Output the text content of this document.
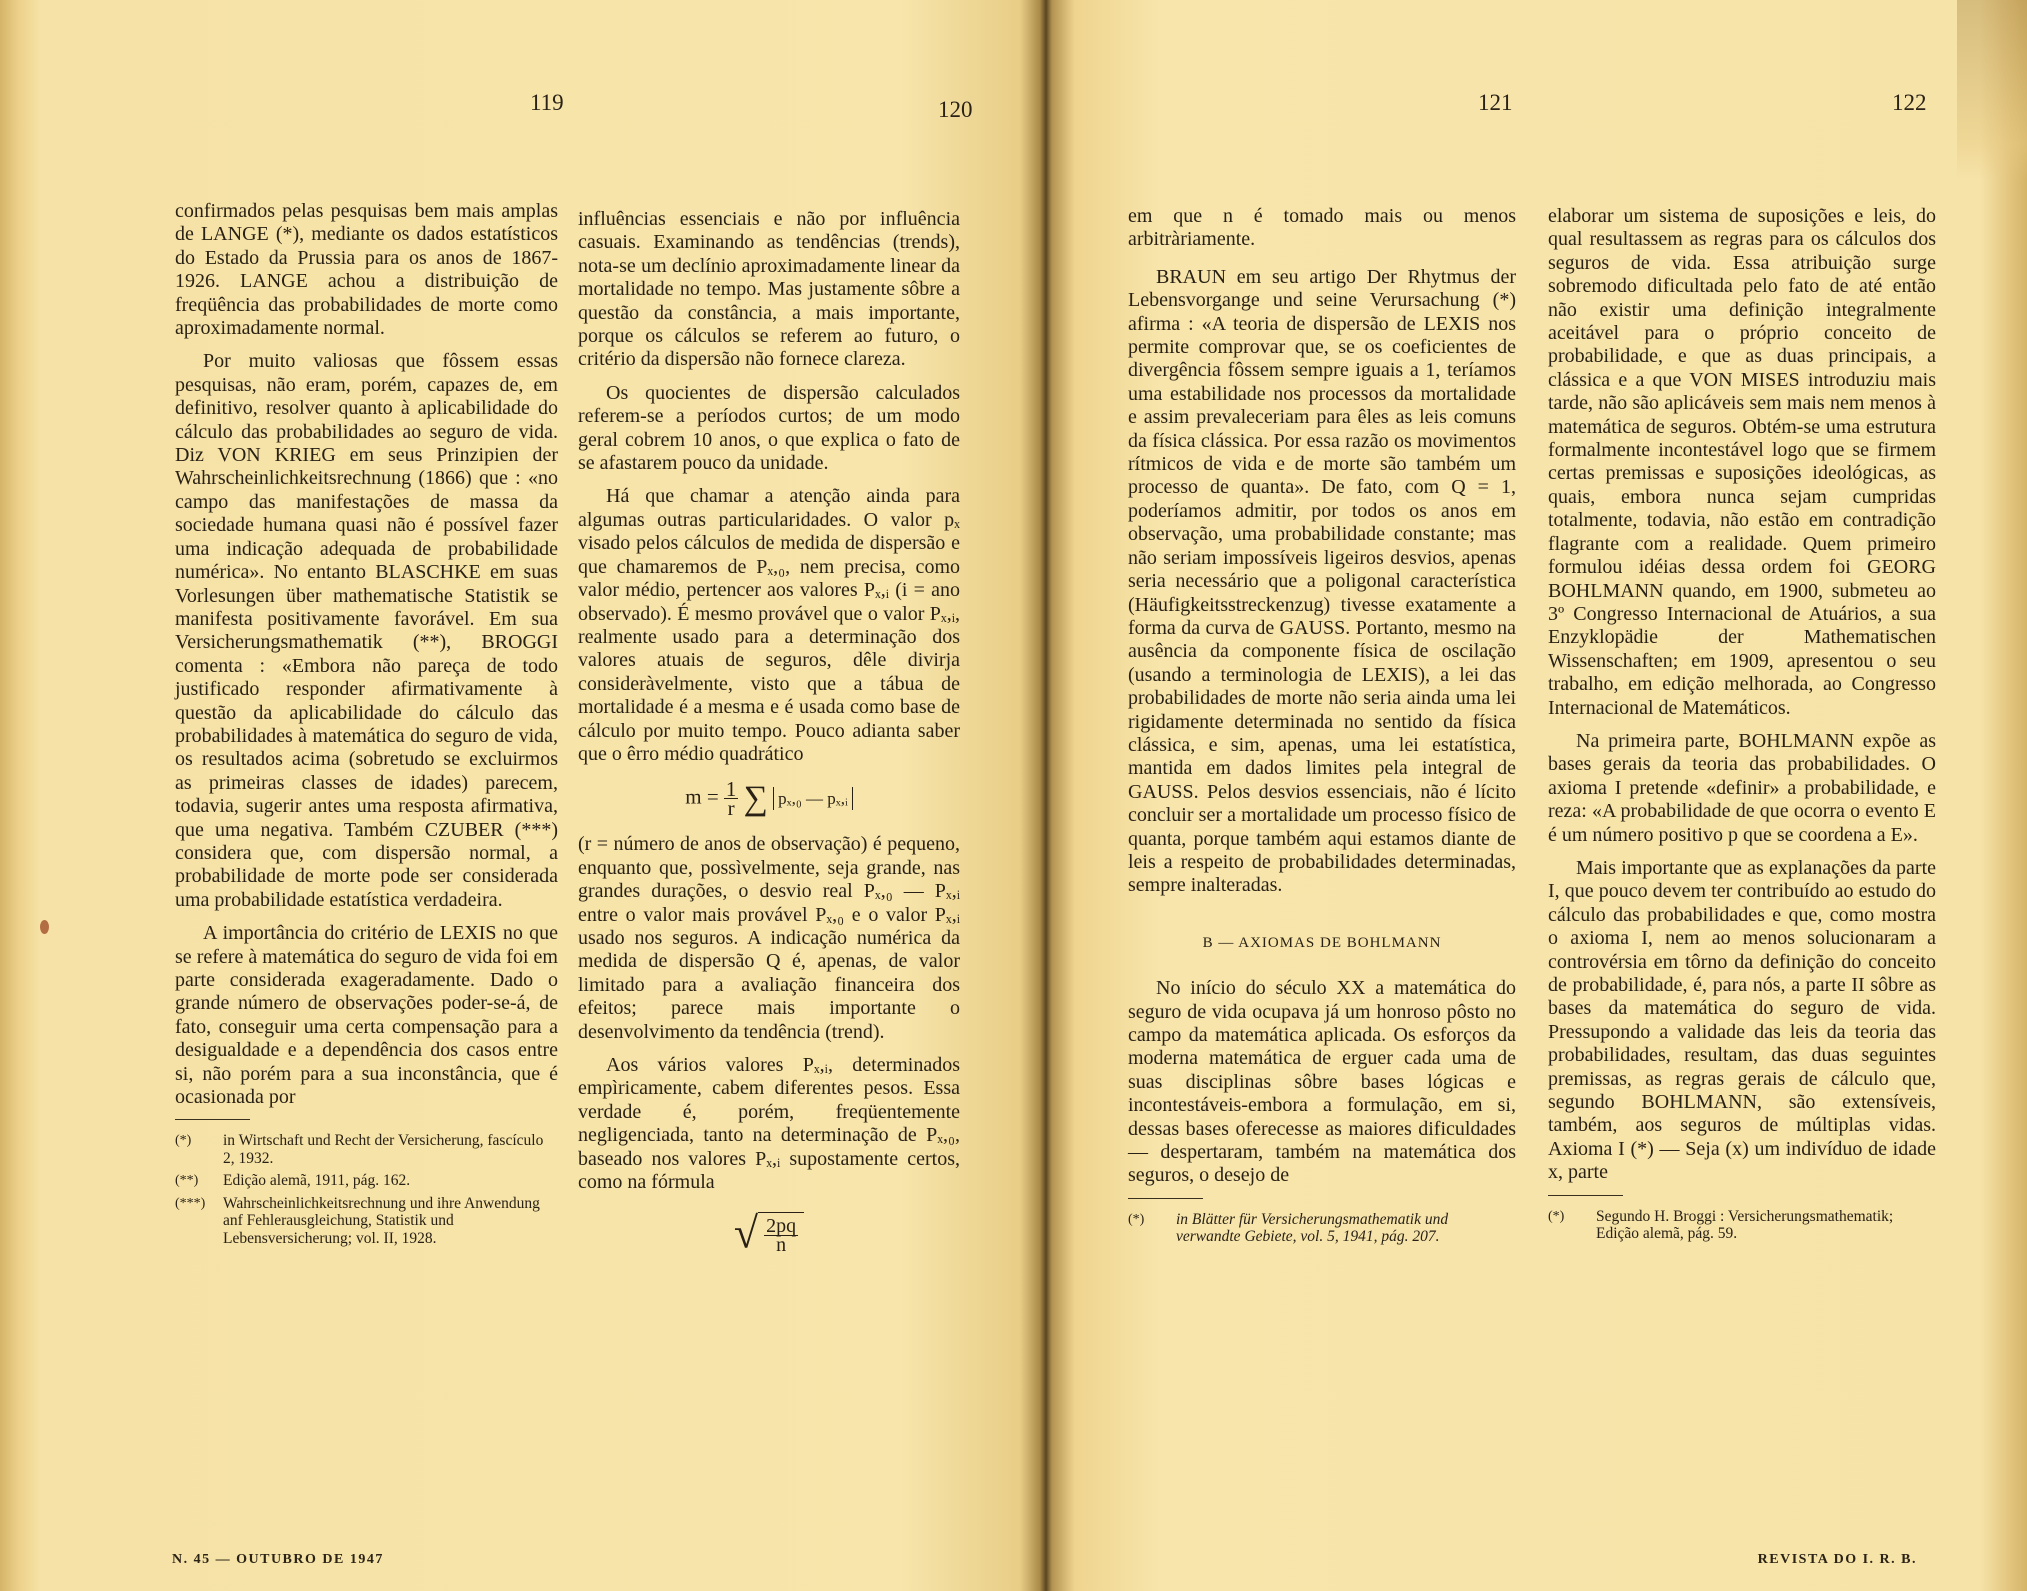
119	120	121	122

confirmados pelas pesquisas bem mais amplas de LANGE (*), mediante os dados estatísticos do Estado da Prussia para os anos de 1867-1926. LANGE achou a distribuição de freqüência das probabilidades de morte como aproximadamente normal.

Por muito valiosas que fôssem essas pesquisas, não eram, porém, capazes de, em definitivo, resolver quanto à aplicabilidade do cálculo das probabilidades ao seguro de vida. Diz VON KRIEG em seus Prinzipien der Wahrscheinlichkeitsrechnung (1866) que : «no campo das manifestações de massa da sociedade humana quasi não é possível fazer uma indicação adequada de probabilidade numérica». No entanto BLASCHKE em suas Vorlesungen über mathematische Statistik se manifesta positivamente favorável. Em sua Versicherungsmathematik (**), BROGGI comenta : «Embora não pareça de todo justificado responder afirmativamente à questão da aplicabilidade do cálculo das probabilidades à matemática do seguro de vida, os resultados acima (sobretudo se excluirmos as primeiras classes de idades) parecem, todavia, sugerir antes uma resposta afirmativa, que uma negativa. Também CZUBER (***) considera que, com dispersão normal, a probabilidade de morte pode ser considerada uma probabilidade estatística verdadeira.

A importância do critério de LEXIS no que se refere à matemática do seguro de vida foi em parte considerada exageradamente. Dado o grande número de observações poder-se-á, de fato, conseguir uma certa compensação para a desigualdade e a dependência dos casos entre si, não porém para a sua inconstância, que é ocasionada por

(*) in Wirtschaft und Recht der Versicherung, fascículo 2, 1932.
(**) Edição alemã, 1911, pág. 162.
(***) Wahrscheinlichkeitsrechnung und ihre Anwendung anf Fehlerausgleichung, Statistik und Lebensversicherung; vol. II, 1928.

influências essenciais e não por influência casuais. Examinando as tendências (trends), nota-se um declínio aproximadamente linear da mortalidade no tempo. Mas justamente sôbre a questão da constância, a mais importante, porque os cálculos se referem ao futuro, o critério da dispersão não fornece clareza.

Os quocientes de dispersão calculados referem-se a períodos curtos; de um modo geral cobrem 10 anos, o que explica o fato de se afastarem pouco da unidade.

Há que chamar a atenção ainda para algumas outras particularidades. O valor pₓ visado pelos cálculos de medida de dispersão e que chamaremos de Pₓ,₀, nem precisa, como valor médio, pertencer aos valores Pₓ,ᵢ (i = ano observado). É mesmo provável que o valor Pₓ,ᵢ, realmente usado para a determinação dos valores atuais de seguros, dêle divirja consideràvelmente, visto que a tábua de mortalidade é a mesma e é usada como base de cálculo por muito tempo. Pouco adianta saber que o êrro médio quadrático

$m = \frac{1}{r}$ ∑ pₓ,₀ — pₓ,ᵢ

(r = número de anos de observação) é pequeno, enquanto que, possìvelmente, seja grande, nas grandes durações, o desvio real Pₓ,₀ — Pₓ,ᵢ entre o valor mais provável Pₓ,₀ e o valor Pₓ,ᵢ usado nos seguros. A indicação numérica da medida de dispersão Q é, apenas, de valor limitado para a avaliação financeira dos efeitos; parece mais importante o desenvolvimento da tendência (trend).

Aos vários valores Pₓ,ᵢ, determinados empìricamente, cabem diferentes pesos. Essa verdade é, porém, freqüentemente negligenciada, tanto na determinação de Pₓ,₀, baseado nos valores Pₓ,ᵢ supostamente certos, como na fórmula

√ $\frac{2pq}{n}$

em que n é tomado mais ou menos arbitràriamente.

BRAUN em seu artigo Der Rhytmus der Lebensvorgange und seine Verursachung (*) afirma : «A teoria de dispersão de LEXIS nos permite comprovar que, se os coeficientes de divergência fôssem sempre iguais a 1, teríamos uma estabilidade nos processos da mortalidade e assim prevaleceriam para êles as leis comuns da física clássica. Por essa razão os movimentos rítmicos de vida e de morte são também um processo de quanta». De fato, com Q = 1, poderíamos admitir, por todos os anos em observação, uma probabilidade constante; mas não seriam impossíveis ligeiros desvios, apenas seria necessário que a poligonal característica (Häufigkeitsstreckenzug) tivesse exatamente a forma da curva de GAUSS. Portanto, mesmo na ausência da componente física de oscilação (usando a terminologia de LEXIS), a lei das probabilidades de morte não seria ainda uma lei rigidamente determinada no sentido da física clássica, e sim, apenas, uma lei estatística, mantida em dados limites pela integral de GAUSS. Pelos desvios essenciais, não é lícito concluir ser a mortalidade um processo físico de quanta, porque também aqui estamos diante de leis a respeito de probabilidades determinadas, sempre inalteradas.

B — AXIOMAS DE BOHLMANN

No início do século XX a matemática do seguro de vida ocupava já um honroso pôsto no campo da matemática aplicada. Os esforços da moderna matemática de erguer cada uma de suas disciplinas sôbre bases lógicas e incontestáveis-embora a formulação, em si, dessas bases oferecesse as maiores dificuldades — despertaram, também na matemática dos seguros, o desejo de

(*) in Blätter für Versicherungsmathematik und verwandte Gebiete, vol. 5, 1941, pág. 207.

elaborar um sistema de suposições e leis, do qual resultassem as regras para os cálculos dos seguros de vida. Essa atribuição surge sobremodo dificultada pelo fato de até então não existir uma definição integralmente aceitável para o próprio conceito de probabilidade, e que as duas principais, a clássica e a que VON MISES introduziu mais tarde, não são aplicáveis sem mais nem menos à matemática de seguros. Obtém-se uma estrutura formalmente incontestável logo que se firmem certas premissas e suposições ideológicas, as quais, embora nunca sejam cumpridas totalmente, todavia, não estão em contradição flagrante com a realidade. Quem primeiro formulou idéias dessa ordem foi GEORG BOHLMANN quando, em 1900, submeteu ao 3º Congresso Internacional de Atuários, a sua Enzyklopädie der Mathematischen Wissenschaften; em 1909, apresentou o seu trabalho, em edição melhorada, ao Congresso Internacional de Matemáticos.

Na primeira parte, BOHLMANN expõe as bases gerais da teoria das probabilidades. O axioma I pretende «definir» a probabilidade, e reza: «A probabilidade de que ocorra o evento E é um número positivo p que se coordena a E».

Mais importante que as explanações da parte I, que pouco devem ter contribuído ao estudo do cálculo das probabilidades e que, como mostra o axioma I, nem ao menos solucionaram a controvérsia em tôrno da definição do conceito de probabilidade, é, para nós, a parte II sôbre as bases da matemática do seguro de vida. Pressupondo a validade das leis da teoria das probabilidades, resultam, das duas seguintes premissas, as regras gerais de cálculo que, segundo BOHLMANN, são extensíveis, também, aos seguros de múltiplas vidas. Axioma I (*) — Seja (x) um indivíduo de idade x, parte

(*) Segundo H. Broggi : Versicherungsmathematik; Edição alemã, pág. 59.
N. 45 — OUTUBRO DE 1947	REVISTA DO I. R. B.
